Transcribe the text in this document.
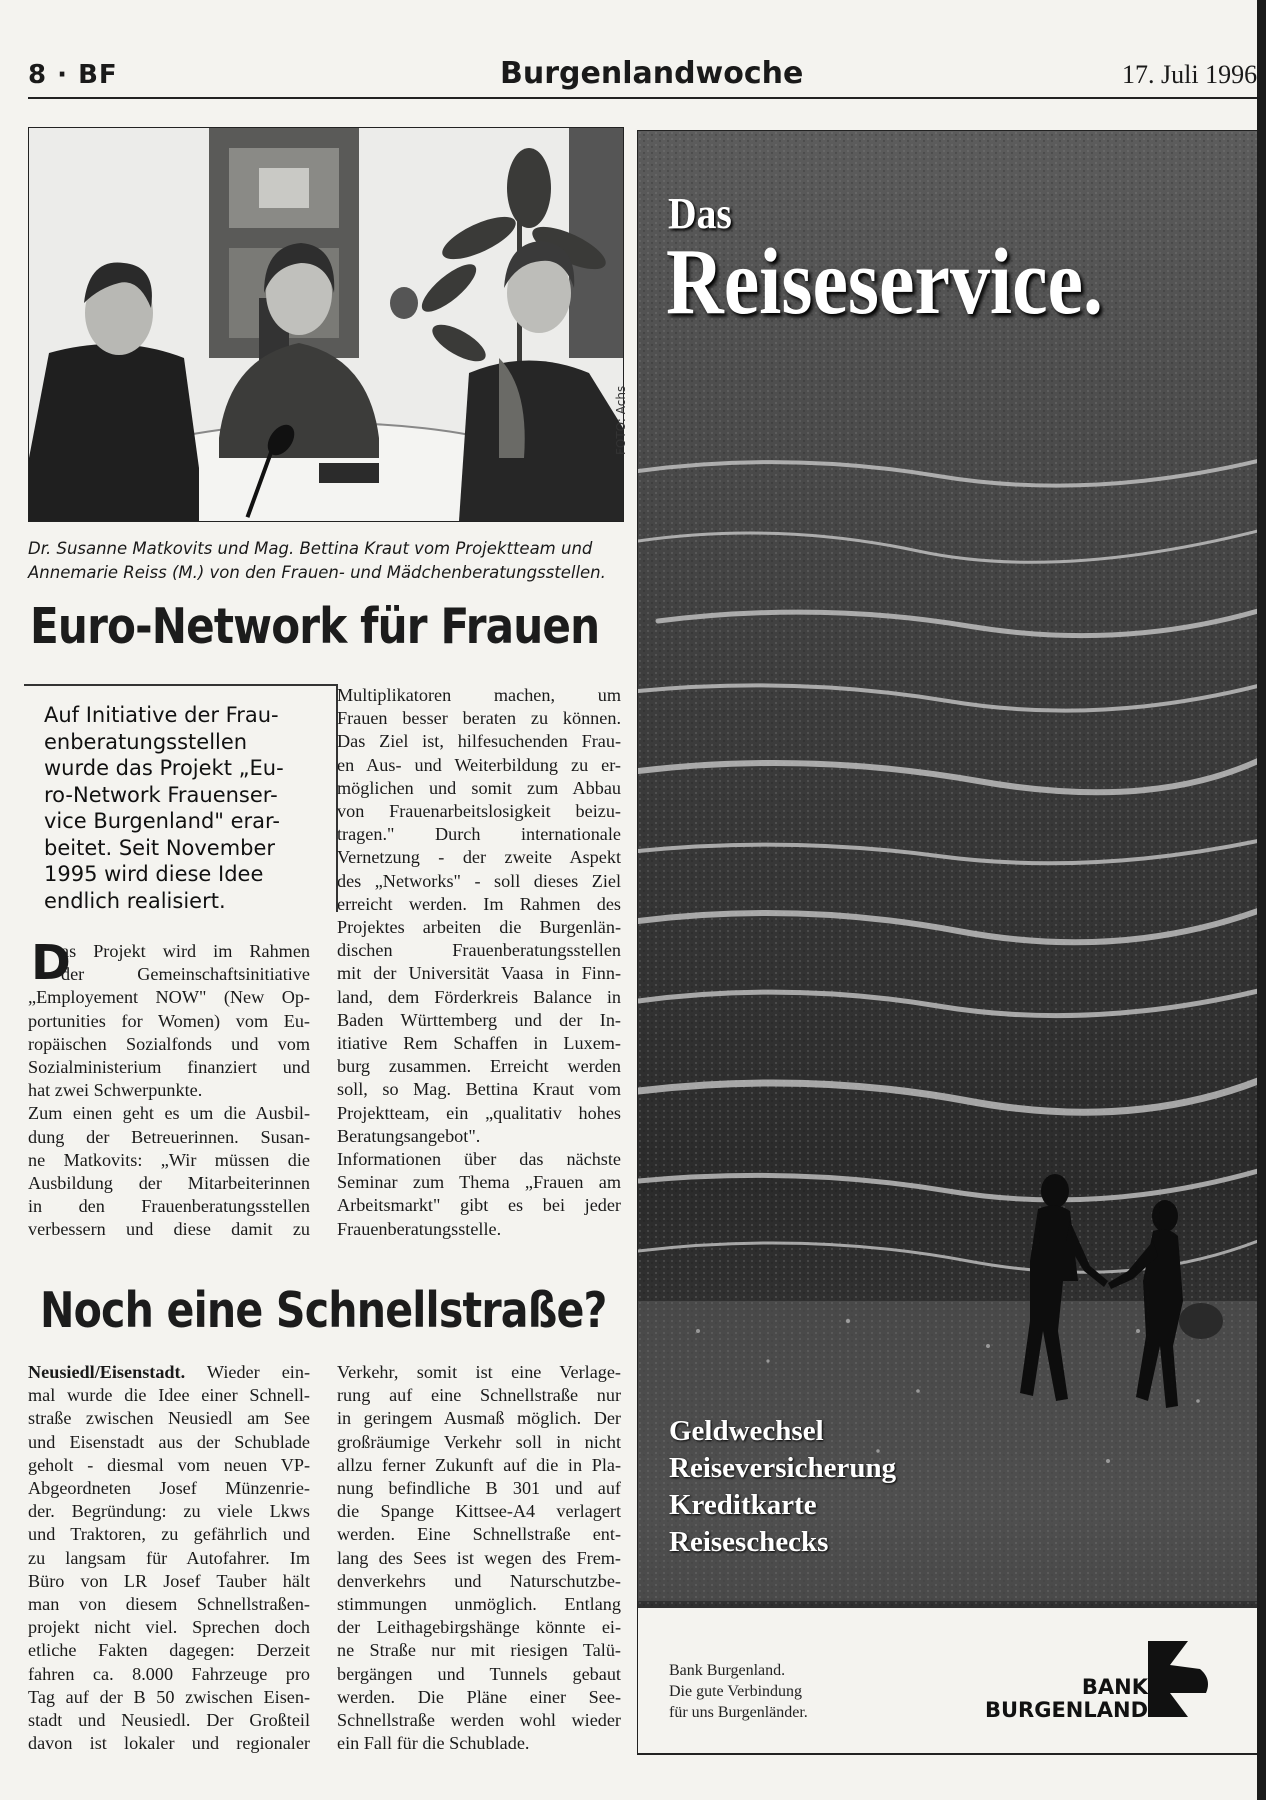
8 · BF	Burgenlandwoche	17. Juli 1996
FOTO: Achs
Dr. Susanne Matkovits und Mag. Bettina Kraut vom Projektteam und
Annemarie Reiss (M.) von den Frauen- und Mädchenberatungsstellen.
Euro-Network für Frauen
Auf Initiative der Frau-
enberatungsstellen
wurde das Projekt „Eu-
ro-Network Frauenser-
vice Burgenland" erar-
beitet. Seit November
1995 wird diese Idee
endlich realisiert.
D
as Projekt wird im Rahmen
der Gemeinschaftsinitiative
„Employement NOW" (New Op-
portunities for Women) vom Eu-
ropäischen Sozialfonds und vom
Sozialministerium finanziert und
hat zwei Schwerpunkte.
Zum einen geht es um die Ausbil-
dung der Betreuerinnen. Susan-
ne Matkovits: „Wir müssen die
Ausbildung der Mitarbeiterinnen
in den Frauenberatungsstellen
verbessern und diese damit zu
Multiplikatoren machen, um
Frauen besser beraten zu können.
Das Ziel ist, hilfesuchenden Frau-
en Aus- und Weiterbildung zu er-
möglichen und somit zum Abbau
von Frauenarbeitslosigkeit beizu-
tragen." Durch internationale
Vernetzung - der zweite Aspekt
des „Networks" - soll dieses Ziel
erreicht werden. Im Rahmen des
Projektes arbeiten die Burgenlän-
dischen Frauenberatungsstellen
mit der Universität Vaasa in Finn-
land, dem Förderkreis Balance in
Baden Württemberg und der In-
itiative Rem Schaffen in Luxem-
burg zusammen. Erreicht werden
soll, so Mag. Bettina Kraut vom
Projektteam, ein „qualitativ hohes
Beratungsangebot".
Informationen über das nächste
Seminar zum Thema „Frauen am
Arbeitsmarkt" gibt es bei jeder
Frauenberatungsstelle.
Noch eine Schnellstraße?
Neusiedl/Eisenstadt. Wieder ein-
mal wurde die Idee einer Schnell-
straße zwischen Neusiedl am See
und Eisenstadt aus der Schublade
geholt - diesmal vom neuen VP-
Abgeordneten Josef Münzenrie-
der. Begründung: zu viele Lkws
und Traktoren, zu gefährlich und
zu langsam für Autofahrer. Im
Büro von LR Josef Tauber hält
man von diesem Schnellstraßen-
projekt nicht viel. Sprechen doch
etliche Fakten dagegen: Derzeit
fahren ca. 8.000 Fahrzeuge pro
Tag auf der B 50 zwischen Eisen-
stadt und Neusiedl. Der Großteil
davon ist lokaler und regionaler
Verkehr, somit ist eine Verlage-
rung auf eine Schnellstraße nur
in geringem Ausmaß möglich. Der
großräumige Verkehr soll in nicht
allzu ferner Zukunft auf die in Pla-
nung befindliche B 301 und auf
die Spange Kittsee-A4 verlagert
werden. Eine Schnellstraße ent-
lang des Sees ist wegen des Frem-
denverkehrs und Naturschutzbe-
stimmungen unmöglich. Entlang
der Leithagebirgshänge könnte ei-
ne Straße nur mit riesigen Talü-
bergängen und Tunnels gebaut
werden. Die Pläne einer See-
Schnellstraße werden wohl wieder
ein Fall für die Schublade.
Das
Reiseservice.
Geldwechsel
Reiseversicherung
Kreditkarte
Reiseschecks
Bank Burgenland.
Die gute Verbindung
für uns Burgenländer.
BANK
BURGENLAND
